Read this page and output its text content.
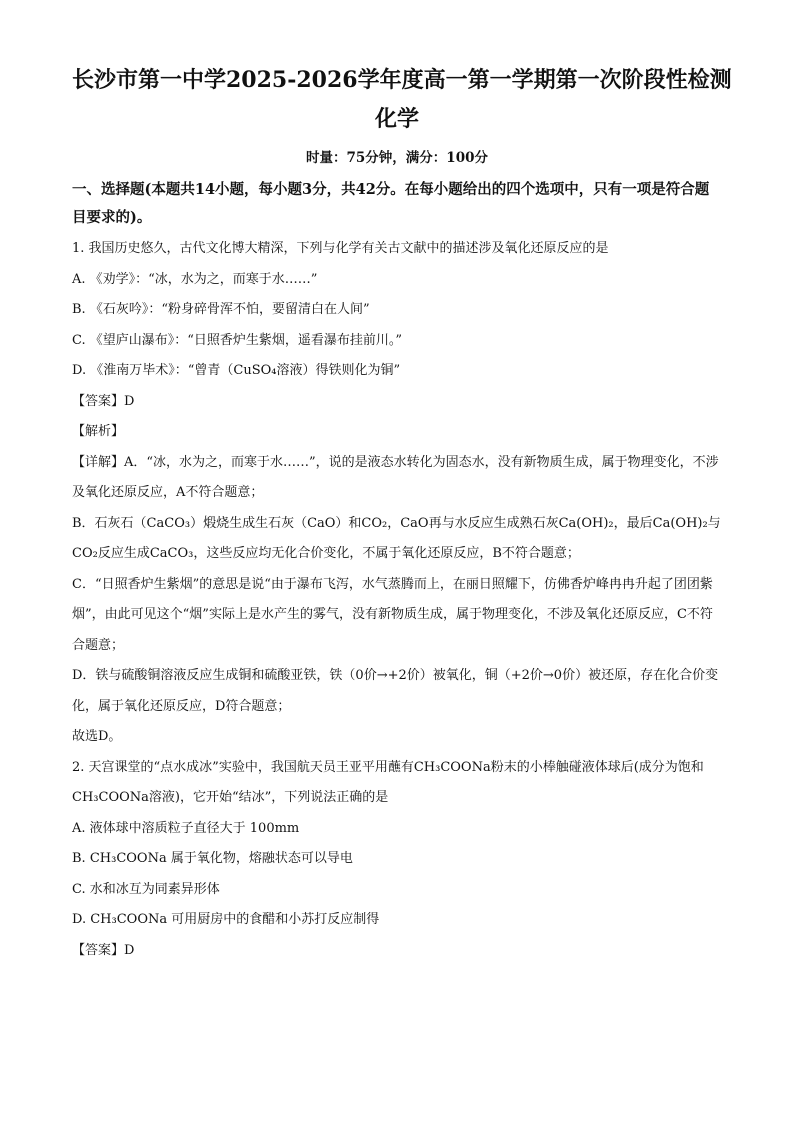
长沙市第一中学2025-2026学年度高一第一学期第一次阶段性检测
化学
时量：75分钟，满分：100分
一、选择题(本题共14小题，每小题3分，共42分。在每小题给出的四个选项中，只有一项是符合题目要求的)。
1. 我国历史悠久，古代文化博大精深，下列与化学有关古文献中的描述涉及氧化还原反应的是
A. 《劝学》：“冰，水为之，而寒于水……”
B. 《石灰吟》：“粉身碎骨浑不怕，要留清白在人间”
C. 《望庐山瀑布》：“日照香炉生紫烟，遥看瀑布挂前川。”
D. 《淮南万毕术》：“曾青（CuSO₄溶液）得铁则化为铜”
【答案】D
【解析】
【详解】A．“冰，水为之，而寒于水……”，说的是液态水转化为固态水，没有新物质生成，属于物理变化，不涉及氧化还原反应，A不符合题意；
B．石灰石（CaCO₃）煅烧生成生石灰（CaO）和CO₂，CaO再与水反应生成熟石灰Ca(OH)₂，最后Ca(OH)₂与CO₂反应生成CaCO₃，这些反应均无化合价变化，不属于氧化还原反应，B不符合题意；
C．“日照香炉生紫烟”的意思是说“由于瀑布飞泻，水气蒸腾而上，在丽日照耀下，仿佛香炉峰冉冉升起了团团紫烟”，由此可见这个“烟”实际上是水产生的雾气，没有新物质生成，属于物理变化，不涉及氧化还原反应，C不符合题意；
D．铁与硫酸铜溶液反应生成铜和硫酸亚铁，铁（0价→+2价）被氧化，铜（+2价→0价）被还原，存在化合价变化，属于氧化还原反应，D符合题意；
故选D。
2. 天宫课堂的“点水成冰”实验中，我国航天员王亚平用蘸有CH₃COONa粉末的小棒触碰液体球后(成分为饱和 CH₃COONa溶液)，它开始“结冰”，下列说法正确的是
A. 液体球中溶质粒子直径大于 100mm
B. CH₃COONa 属于氧化物，熔融状态可以导电
C. 水和冰互为同素异形体
D. CH₃COONa 可用厨房中的食醋和小苏打反应制得
【答案】D
